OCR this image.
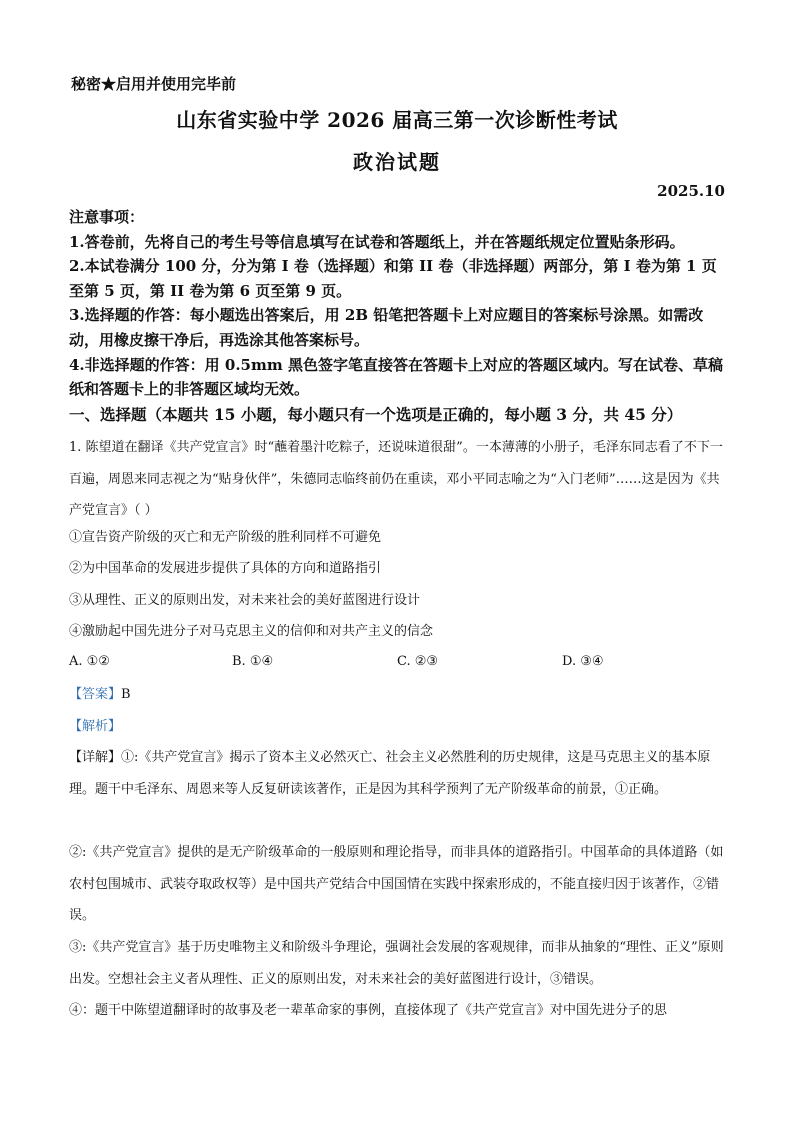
秘密★启用并使用完毕前
山东省实验中学 2026 届高三第一次诊断性考试
政治试题
2025.10
注意事项：
1.答卷前，先将自己的考生号等信息填写在试卷和答题纸上，并在答题纸规定位置贴条形码。
2.本试卷满分 100 分，分为第 I 卷（选择题）和第 II 卷（非选择题）两部分，第 I 卷为第 1 页至第 5 页，第 II 卷为第 6 页至第 9 页。
3.选择题的作答：每小题选出答案后，用 2B 铅笔把答题卡上对应题目的答案标号涂黑。如需改动，用橡皮擦干净后，再选涂其他答案标号。
4.非选择题的作答：用 0.5mm 黑色签字笔直接答在答题卡上对应的答题区域内。写在试卷、草稿纸和答题卡上的非答题区域均无效。
一、选择题（本题共 15 小题，每小题只有一个选项是正确的，每小题 3 分，共 45 分）
1. 陈望道在翻译《共产党宣言》时“蘸着墨汁吃粽子，还说味道很甜”。一本薄薄的小册子，毛泽东同志看了不下一百遍，周恩来同志视之为“贴身伙伴”，朱德同志临终前仍在重读，邓小平同志喻之为“入门老师”……这是因为《共产党宣言》（ ）
①宣告资产阶级的灭亡和无产阶级的胜利同样不可避免
②为中国革命的发展进步提供了具体的方向和道路指引
③从理性、正义的原则出发，对未来社会的美好蓝图进行设计
④激励起中国先进分子对马克思主义的信仰和对共产主义的信念
A. ①②	B. ①④	C. ②③	D. ③④
【答案】B
【解析】
【详解】①:《共产党宣言》揭示了资本主义必然灭亡、社会主义必然胜利的历史规律，这是马克思主义的基本原理。题干中毛泽东、周恩来等人反复研读该著作，正是因为其科学预判了无产阶级革命的前景，①正确。
②:《共产党宣言》提供的是无产阶级革命的一般原则和理论指导，而非具体的道路指引。中国革命的具体道路（如农村包围城市、武装夺取政权等）是中国共产党结合中国国情在实践中探索形成的，不能直接归因于该著作，②错误。
③:《共产党宣言》基于历史唯物主义和阶级斗争理论，强调社会发展的客观规律，而非从抽象的“理性、正义”原则出发。空想社会主义者从理性、正义的原则出发，对未来社会的美好蓝图进行设计，③错误。
④：题干中陈望道翻译时的故事及老一辈革命家的事例，直接体现了《共产党宣言》对中国先进分子的思
